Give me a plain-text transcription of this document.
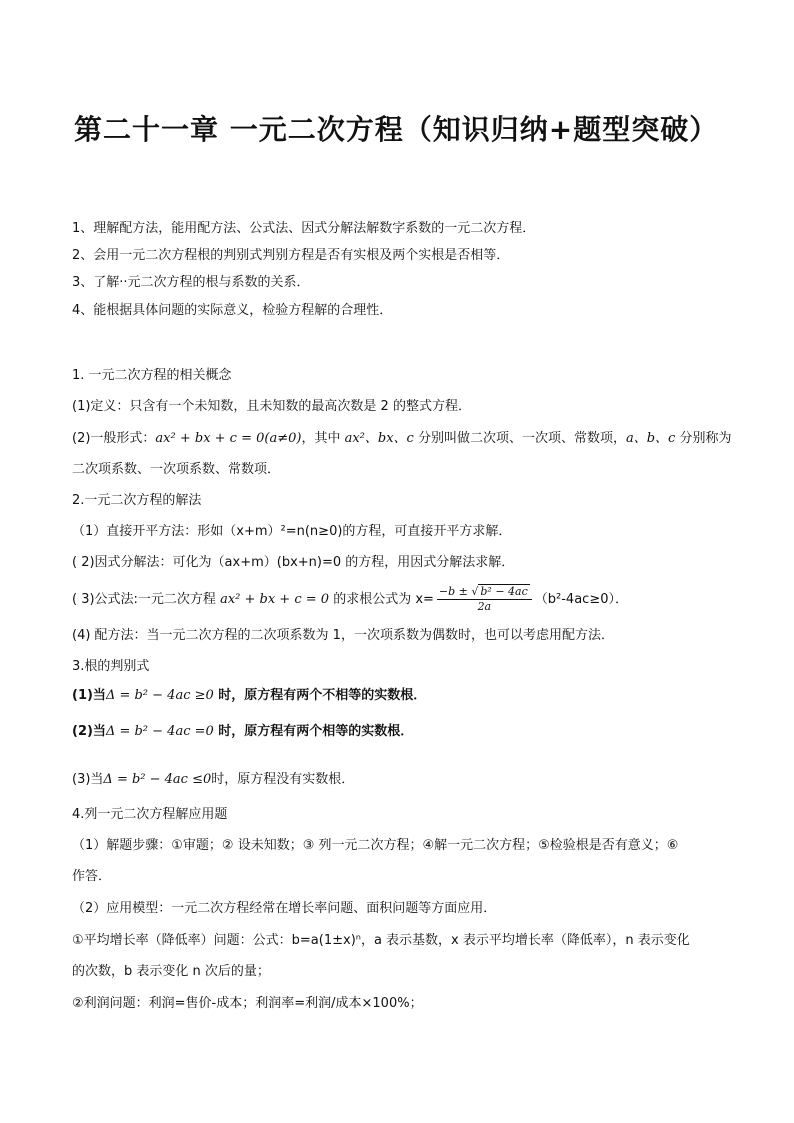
第二十一章 一元二次方程（知识归纳+题型突破）
1、理解配方法，能用配方法、公式法、因式分解法解数字系数的一元二次方程．
2、会用一元二次方程根的判别式判别方程是否有实根及两个实根是否相等．
3、了解··元二次方程的根与系数的关系．
4、能根据具体问题的实际意义，检验方程解的合理性．
1. 一元二次方程的相关概念
(1)定义：只含有一个未知数，且未知数的最高次数是 2 的整式方程．
(2)一般形式：ax² + bx + c = 0(a≠0)，其中 ax²、bx、c 分别叫做二次项、一次项、常数项，a、b、c 分别称为
二次项系数、一次项系数、常数项．
2.一元二次方程的解法
（1）直接开平方法：形如（x+m）²=n(n≥0)的方程，可直接开平方求解．
( 2)因式分解法：可化为（ax+m）(bx+n)=0 的方程，用因式分解法求解．
( 3)公式法:一元二次方程 ax² + bx + c = 0 的求根公式为 $x= \frac{\text{−b ± √ b² − 4ac}}{2a} (b^2-4ac\ge 0)$．
(4) 配方法：当一元二次方程的二次项系数为 1，一次项系数为偶数时，也可以考虑用配方法．
3.根的判别式
(1)当Δ = b² − 4ac ≥0 时，原方程有两个不相等的实数根．
(2)当Δ = b² − 4ac =0 时，原方程有两个相等的实数根．
(3)当Δ = b² − 4ac ≤0时，原方程没有实数根．
4.列一元二次方程解应用题
（1）解题步骤：①审题；② 设未知数；③ 列一元二次方程；④解一元二次方程；⑤检验根是否有意义；⑥
作答．
（2）应用模型：一元二次方程经常在增长率问题、面积问题等方面应用．
①平均增长率（降低率）问题：公式：b=a(1±x)ⁿ，a 表示基数，x 表示平均增长率（降低率），n 表示变化
的次数，b 表示变化 n 次后的量；
②利润问题：利润=售价-成本；利润率=利润/成本×100%；
